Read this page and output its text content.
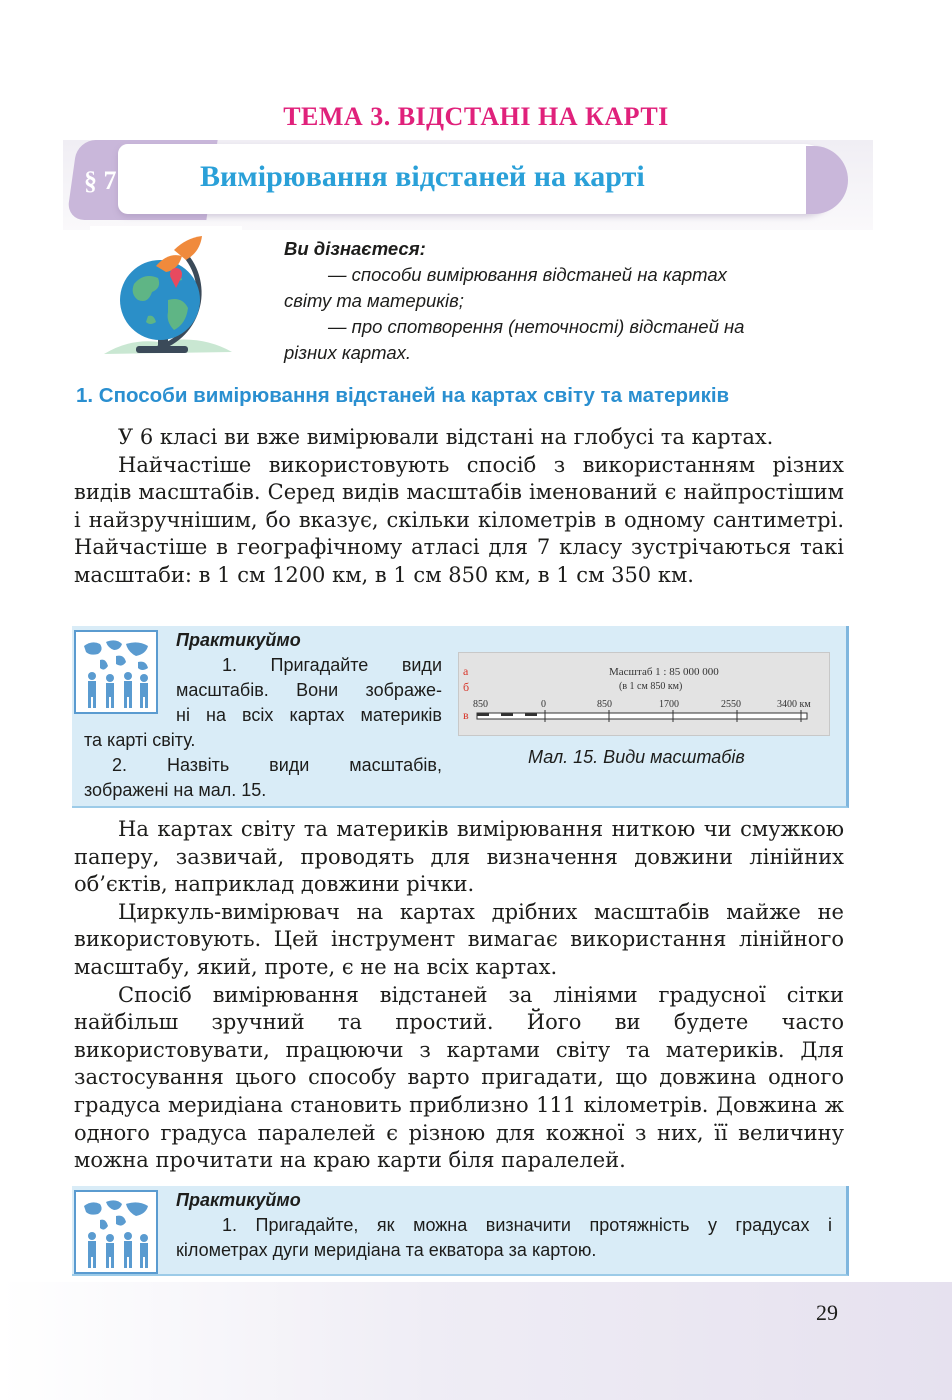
ТЕМА 3. ВІДСТАНІ НА КАРТІ
§ 7	Вимірювання відстаней на карті
Ви дізнаєтеся:
— способи вимірювання відстаней на картах
світу та материків;
— про спотворення (неточності) відстаней на
різних картах.
1. Способи вимірювання відстаней на картах світу та материків

У 6 класі ви вже вимірювали відстані на глобусі та картах.

Найчастіше використовують спосіб з використанням різних видів масштабів. Серед видів масштабів іменований є найпростішим і найзручнішим, бо вказує, скільки кілометрів в одному сантиметрі. Найчастіше в географічному атласі для 7 класу зустрічаються такі масштаби: в 1 см 1200 км, в 1 см 850 км, в 1 см 350 км.

Практикуймо
1. Пригадайте види
масштабів. Вони зображе-
ні на всіх картах материків
та карті світу.
2. Назвіть види масштабів,
зображені на мал. 15.
а
б
в
Масштаб 1 : 85 000 000
(в 1 см 850 км)
850	0	850	1700	2550	3400 км
Мал. 15. Види масштабів

На картах світу та материків вимірювання ниткою чи смужкою паперу, зазвичай, проводять для визначення довжини лінійних об’єктів, наприклад довжини річки.

Циркуль-вимірювач на картах дрібних масштабів майже не використовують. Цей інструмент вимагає використання лінійного масштабу, який, проте, є не на всіх картах.

Спосіб вимірювання відстаней за лініями градусної сітки найбільш зручний та простий. Його ви будете часто використовувати, працюючи з картами світу та материків. Для застосування цього способу варто пригадати, що довжина одного градуса меридіана становить приблизно 111 кілометрів. Довжина ж одного градуса паралелей є різною для кожної з них, її величину можна прочитати на краю карти біля паралелей.

Практикуймо
1. Пригадайте, як можна визначити протяжність у градусах і
кілометрах дуги меридіана та екватора за картою.
29
